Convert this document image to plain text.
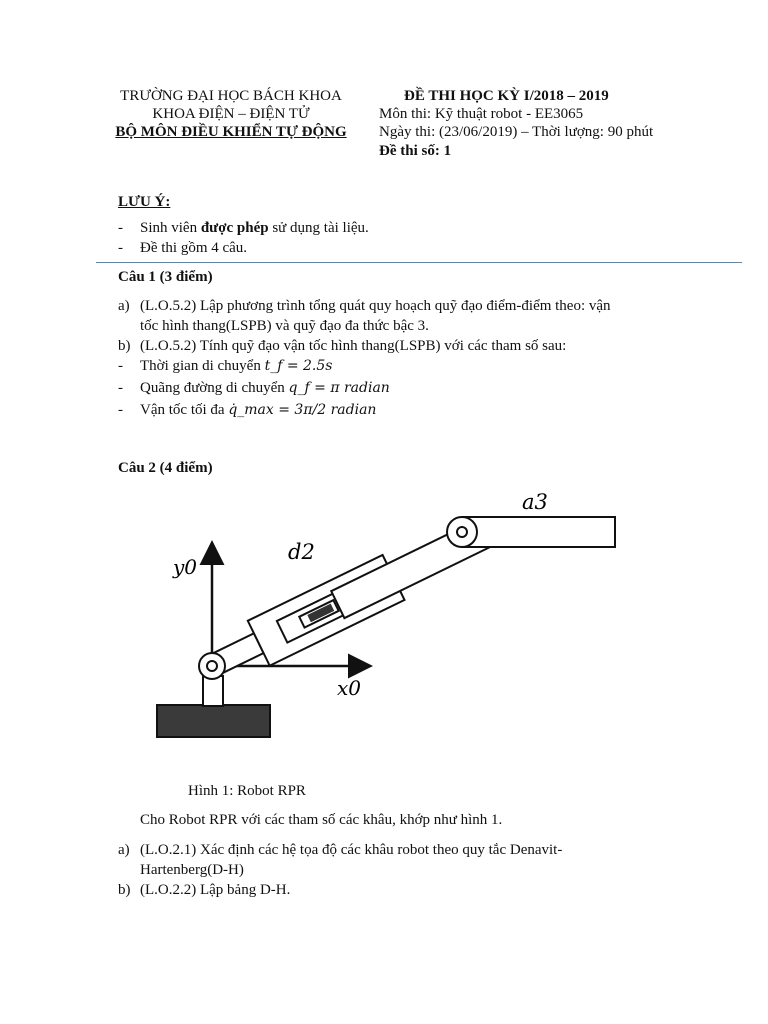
TRƯỜNG ĐẠI HỌC BÁCH KHOA
KHOA ĐIỆN – ĐIỆN TỬ
BỘ MÔN ĐIỀU KHIỂN TỰ ĐỘNG
ĐỀ THI HỌC KỲ I/2018 – 2019
Môn thi: Kỹ thuật robot - EE3065
Ngày thi: (23/06/2019) – Thời lượng: 90 phút
Đề thi số: 1
LƯU Ý:
- Sinh viên được phép sử dụng tài liệu.
- Đề thi gồm 4 câu.
Câu 1 (3 điểm)
a) (L.O.5.2) Lập phương trình tổng quát quy hoạch quỹ đạo điểm-điểm theo: vận
tốc hình thang(LSPB) và quỹ đạo đa thức bậc 3.
b) (L.O.5.2) Tính quỹ đạo vận tốc hình thang(LSPB) với các tham số sau:
- Thời gian di chuyển t_f = 2.5s
- Quãng đường di chuyển q_f = π radian
- Vận tốc tối đa q̇_max = 3π/2 radian
Câu 2 (4 điểm)
y0
x0
d2
a3
Hình 1: Robot RPR
Cho Robot RPR với các tham số các khâu, khớp như hình 1.
a) (L.O.2.1) Xác định các hệ tọa độ các khâu robot theo quy tắc Denavit-
Hartenberg(D-H)
b) (L.O.2.2) Lập bảng D-H.
